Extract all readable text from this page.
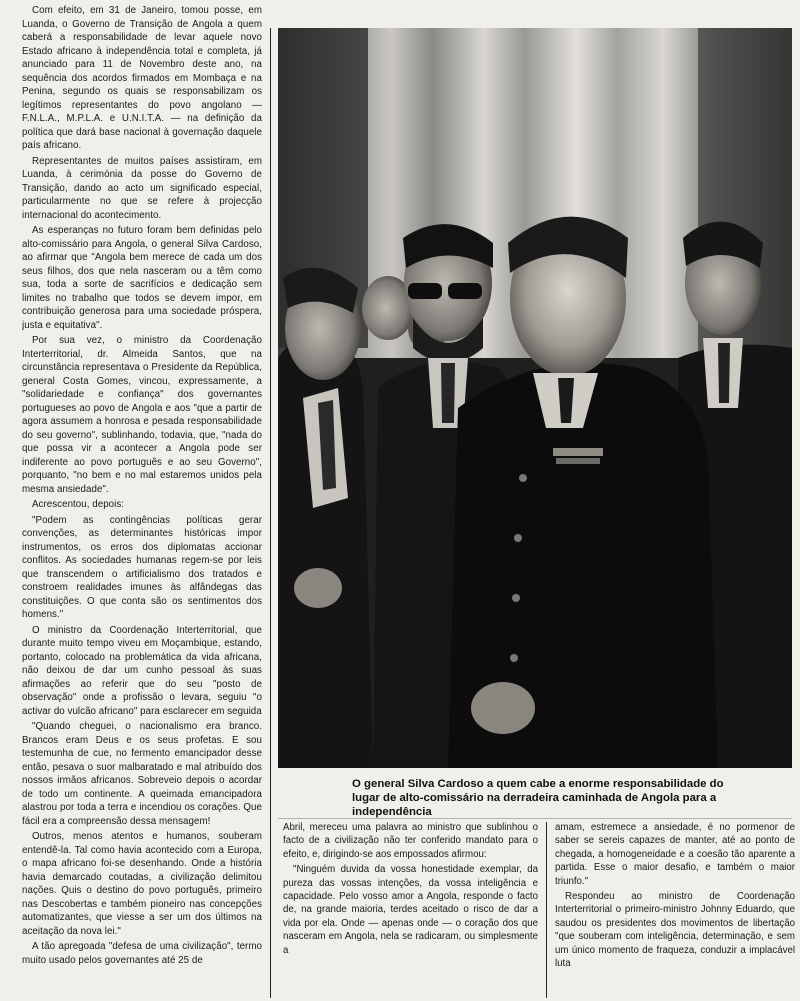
Com efeito, em 31 de Janeiro, tomou posse, em Luanda, o Governo de Transição de Angola a quem caberá a responsabilidade de levar aquele novo Estado africano à independência total e completa, já anunciado para 11 de Novembro deste ano, na sequência dos acordos firmados em Mombaça e na Penina, segundo os quais se responsabilizam os legítimos representantes do povo angolano — F.N.L.A., M.P.L.A. e U.N.I.T.A. — na definição da política que dará base nacional à governação daquele país africano.

Representantes de muitos países assistiram, em Luanda, à cerimónia da posse do Governo de Transição, dando ao acto um significado especial, particularmente no que se refere à projecção internacional do acontecimento.

As esperanças no futuro foram bem definidas pelo alto-comissário para Angola, o general Silva Cardoso, ao afirmar que "Angola bem merece de cada um dos seus filhos, dos que nela nasceram ou a têm como sua, toda a sorte de sacrifícios e dedicação sem limites no trabalho que todos se devem impor, em contribuição generosa para uma sociedade próspera, justa e equitativa".

Por sua vez, o ministro da Coordenação Interterritorial, dr. Almeida Santos, que na circunstância representava o Presidente da República, general Costa Gomes, vincou, expressamente, a "solidariedade e confiança" dos governantes portugueses ao povo de Angola e aos "que a partir de agora assumem a honrosa e pesada responsabilidade do seu governo", sublinhando, todavia, que, "nada do que possa vir a acontecer a Angola pode ser indiferente ao povo português e ao seu Governo", porquanto, "no bem e no mal estaremos unidos pela mesma ansiedade".

Acrescentou, depois:

"Podem as contingências políticas gerar convenções, as determinantes históricas impor instrumentos, os erros dos diplomatas accionar conflitos. As sociedades humanas regem-se por leis que transcendem o artificialismo dos tratados e constroem realidades imunes às alfândegas das constituições. O que conta são os sentimentos dos homens."

O ministro da Coordenação Interterritorial, que durante muito tempo viveu em Moçambique, estando, portanto, colocado na problemática da vida africana, não deixou de dar um cunho pessoal às suas afirmações ao referir que do seu "posto de observação" onde a profissão o levara, seguiu "o activar do vulcão africano" para esclarecer em seguida

"Quando cheguei, o nacionalismo era branco. Brancos eram Deus e os seus profetas. E sou testemunha de cue, no fermento emancipador desse então, pesava o suor malbaratado e mal atribuído dos nossos irmãos africanos. Sobreveio depois o acordar de todo um continente. A queimada emancipadora alastrou por toda a terra e incendiou os corações. Que fácil era a compreensão dessa mensagem!

Outros, menos atentos e humanos, souberam entendê-la. Tal como havia acontecido com a Europa, o mapa africano foi-se desenhando. Onde a história havia demarcado coutadas, a civilização delimitou nações. Quis o destino do povo português, primeiro nas Descobertas e também pioneiro nas concepções automatizantes, que viesse a ser um dos últimos na aceitação da nova lei."

A tão apregoada "defesa de uma civilização", termo muito usado pelos governantes até 25 de

O general Silva Cardoso a quem cabe a enorme responsabilidade do lugar de alto-comissário na derradeira caminhada de Angola para a independência

Abril, mereceu uma palavra ao ministro que sublinhou o facto de a civilização não ter conferido mandato para o efeito, e, dirigindo-se aos empossados afirmou:

"Ninguém duvida da vossa honestidade exemplar, da pureza das vossas intenções, da vossa inteligência e capacidade. Pelo vosso amor a Angola, responde o facto de, na grande maioria, terdes aceitado o risco de dar a vida por ela. Onde — apenas onde — o coração dos que nasceram em Angola, nela se radicaram, ou simplesmente a

amam, estremece a ansiedade, é no pormenor de saber se sereis capazes de manter, até ao ponto de chegada, a homogeneidade e a coesão tão aparente a partida. Esse o maior desafio, e também o maior triunfo."

Respondeu ao ministro de Coordenação Interterritorial o primeiro-ministro Johnny Eduardo, que saudou os presidentes dos movimentos de libertação "que souberam com inteligência, determinação, e sem um único momento de fraqueza, conduzir a implacável luta
